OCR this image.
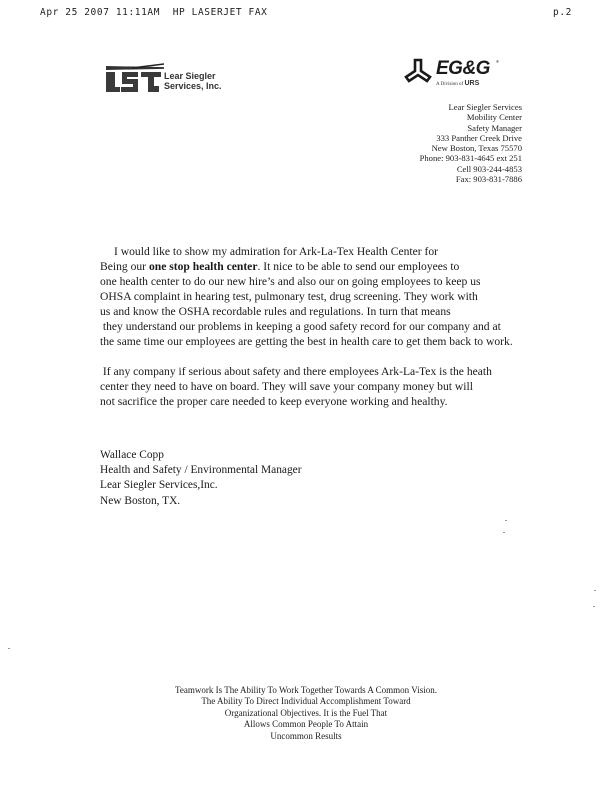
Apr 25 2007 11:11AM  HP LASERJET FAX	p.2
Lear Siegler
Services, Inc.
EG&G ®
A Division of URS
Lear Siegler Services
Mobility Center
Safety Manager
333 Panther Creek Drive
New Boston, Texas 75570
Phone: 903-831-4645 ext 251
Cell 903-244-4853
Fax: 903-831-7886
I would like to show my admiration for Ark-La-Tex Health Center for
Being our one stop health center. It nice to be able to send our employees to
one health center to do our new hire’s and also our on going employees to keep us
OHSA complaint in hearing test, pulmonary test, drug screening. They work with
us and know the OSHA recordable rules and regulations. In turn that means
they understand our problems in keeping a good safety record for our company and at
the same time our employees are getting the best in health care to get them back to work.
If any company if serious about safety and there employees Ark-La-Tex is the heath
center they need to have on board. They will save your company money but will
not sacrifice the proper care needed to keep everyone working and healthy.
Wallace Copp
Health and Safety / Environmental Manager
Lear Siegler Services,Inc.
New Boston, TX.
Teamwork Is The Ability To Work Together Towards A Common Vision.
The Ability To Direct Individual Accomplishment Toward
Organizational Objectives. It is the Fuel That
Allows Common People To Attain
Uncommon Results
